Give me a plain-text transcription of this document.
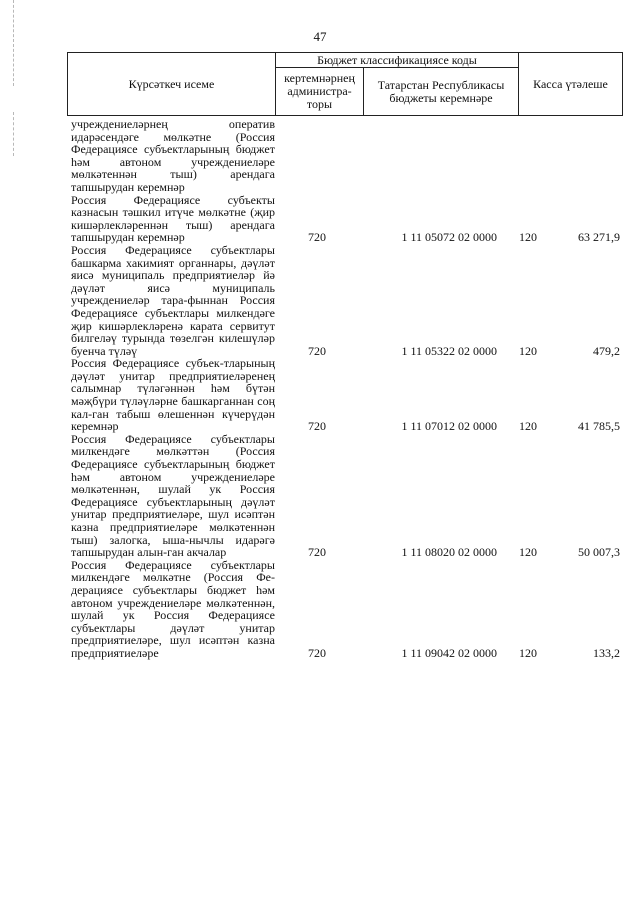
47
Күрсәткеч исеме	Бюджет классификациясе коды		Касса үтәлеше
	кертемнәрнең администра-торы	Татарстан Республикасы бюджеты керемнәре	
учреждениеләрнең оператив идарәсендәге мөлкәтне (Россия Федерациясе субъектларының бюджет һәм автоном учреждениеләре мөлкәтеннән тыш) арендага тапшырудан керемнәр
Россия Федерациясе субъекты казнасын тәшкил итүче мөлкәтне (җир кишәрлекләреннән тыш) арендага тапшырудан керемнәр	720	1 11 05072 02 0000	120	63 271,9
Россия Федерациясе субъектлары башкарма хакимият органнары, дәүләт яисә муниципаль предприятиеләр йә дәүләт яисә муниципаль учреждениеләр тара-фыннан Россия Федерациясе субъектлары милкендәге җир кишәрлекләренә карата сервитут билгеләү турында төзелгән килешүләр буенча түләү	720	1 11 05322 02 0000	120	479,2
Россия Федерациясе субъек-тларының дәүләт унитар предприятиеләренең салымнар түләгәннән һәм бүтән мәҗбүри түләүләрне башкарганнан соң кал-ган табыш өлешеннән күчерүдән керемнәр	720	1 11 07012 02 0000	120	41 785,5
Россия Федерациясе субъектлары милкендәге мөлкәттән (Россия Федерациясе субъектларының бюджет һәм автоном учреждениеләре мөлкәтеннән, шулай ук Россия Федерациясе субъектларының дәүләт унитар предприятиеләре, шул исәптән казна предприятиеләре мөлкәтеннән тыш) залогка, ыша-нычлы идарәгә тапшырудан алын-ган акчалар	720	1 11 08020 02 0000	120	50 007,3
Россия Федерациясе субъектлары милкендәге мөлкәтне (Россия Фе-дерациясе субъектлары бюджет һәм автоном учреждениеләре мөлкәтеннән, шулай ук Россия Федерациясе субъектлары дәүләт унитар предприятиеләре, шул исәптән казна предприятиеләре	720	1 11 09042 02 0000	120	133,2
